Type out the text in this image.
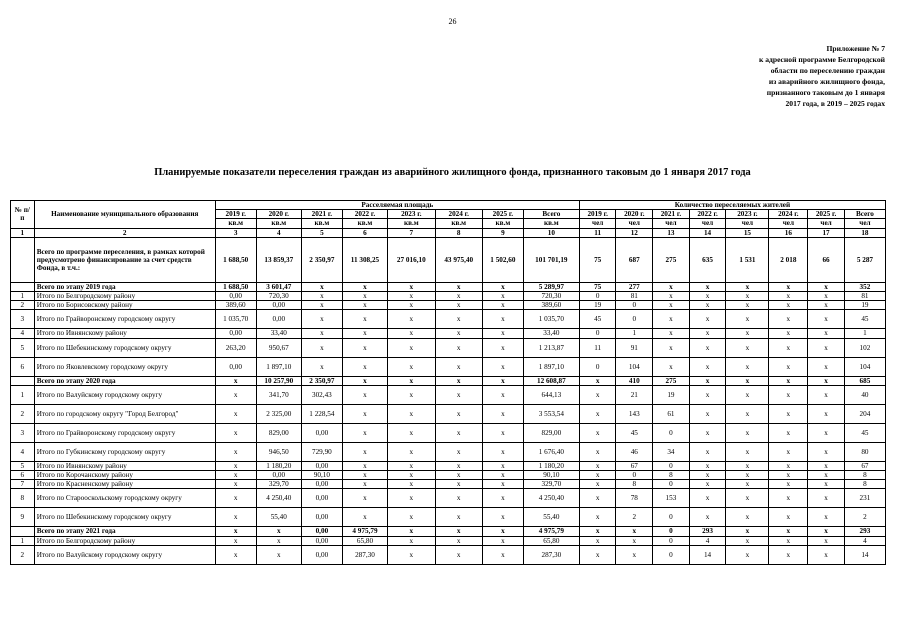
26
Приложение № 7
к адресной программе Белгородской
области по переселению граждан
из аварийного жилищного фонда,
признанного таковым до 1 января
2017 года, в 2019 – 2025 годах
Планируемые показатели переселения граждан из аварийного жилищного фонда, признанного таковым до 1 января 2017 года
№ п/п	Наименование муниципального образования	Расселяемая площадь								Количество переселяемых жителей							
		2019 г.	2020 г.	2021 г.	2022 г.	2023 г.	2024 г.	2025 г.	Всего	2019 г.	2020 г.	2021 г.	2022 г.	2023 г.	2024 г.	2025 г.	Всего
		кв.м	кв.м	кв.м	кв.м	кв.м	кв.м	кв.м	кв.м	чел	чел	чел	чел	чел	чел	чел	чел
1	2	3	4	5	6	7	8	9	10	11	12	13	14	15	16	17	18
	Всего по программе переселения, в рамках которой предусмотрено финансирование за счет средств Фонда, в т.ч.:	1 688,50	13 859,37	2 350,97	11 308,25	27 016,10	43 975,40	1 502,60	101 701,19	75	687	275	635	1 531	2 018	66	5 287
	Всего по этапу 2019 года	1 688,50	3 601,47	х	х	х	х	х	5 289,97	75	277	х	х	х	х	х	352
1	Итого по Белгородскому району	0,00	720,30	х	х	х	х	х	720,30	0	81	х	х	х	х	х	81
2	Итого по Борисовскому району	389,60	0,00	х	х	х	х	х	389,60	19	0	х	х	х	х	х	19
3	Итого по Грайворонскому городскому округу	1 035,70	0,00	х	х	х	х	х	1 035,70	45	0	х	х	х	х	х	45
4	Итого по Ивнянскому району	0,00	33,40	х	х	х	х	х	33,40	0	1	х	х	х	х	х	1
5	Итого по Шебекинскому городскому округу	263,20	950,67	х	х	х	х	х	1 213,87	11	91	х	х	х	х	х	102
6	Итого по Яковлевскому городскому округу	0,00	1 897,10	х	х	х	х	х	1 897,10	0	104	х	х	х	х	х	104
	Всего по этапу 2020 года	х	10 257,90	2 350,97	х	х	х	х	12 608,87	х	410	275	х	х	х	х	685
1	Итого по Валуйскому городскому округу	х	341,70	302,43	х	х	х	х	644,13	х	21	19	х	х	х	х	40
2	Итого по городскому округу "Город Белгород"	х	2 325,00	1 228,54	х	х	х	х	3 553,54	х	143	61	х	х	х	х	204
3	Итого по Грайворонскому городскому округу	х	829,00	0,00	х	х	х	х	829,00	х	45	0	х	х	х	х	45
4	Итого по Губкинскому городскому округу	х	946,50	729,90	х	х	х	х	1 676,40	х	46	34	х	х	х	х	80
5	Итого по Ивнянскому району	х	1 180,20	0,00	х	х	х	х	1 180,20	х	67	0	х	х	х	х	67
6	Итого по Корочанскому району	х	0,00	90,10	х	х	х	х	90,10	х	0	8	х	х	х	х	8
7	Итого по Красненскому району	х	329,70	0,00	х	х	х	х	329,70	х	8	0	х	х	х	х	8
8	Итого по Старооскольскому городскому округу	х	4 250,40	0,00	х	х	х	х	4 250,40	х	78	153	х	х	х	х	231
9	Итого по Шебекинскому городскому округу	х	55,40	0,00	х	х	х	х	55,40	х	2	0	х	х	х	х	2
	Всего по этапу 2021 года	х	х	0,00	4 975,79	х	х	х	4 975,79	х	х	0	293	х	х	х	293
1	Итого по Белгородскому району	х	х	0,00	65,80	х	х	х	65,80	х	х	0	4	х	х	х	4
2	Итого по Валуйскому городскому округу	х	х	0,00	287,30	х	х	х	287,30	х	х	0	14	х	х	х	14
